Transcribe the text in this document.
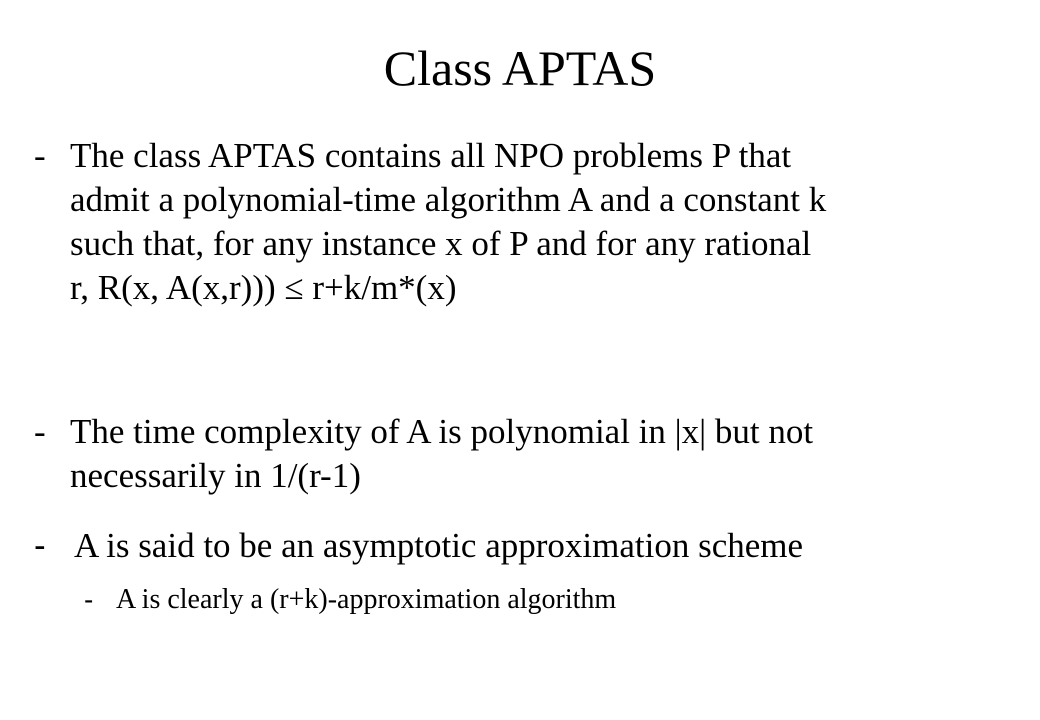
Class APTAS
- The class APTAS contains all NPO problems P that
admit a polynomial-time algorithm A and a constant k
such that, for any instance x of P and for any rational
r, R(x, A(x,r))) ≤ r+k/m*(x)
- The time complexity of A is polynomial in |x| but not
necessarily in 1/(r-1)
- A is said to be an asymptotic approximation scheme
- A is clearly a (r+k)-approximation algorithm
